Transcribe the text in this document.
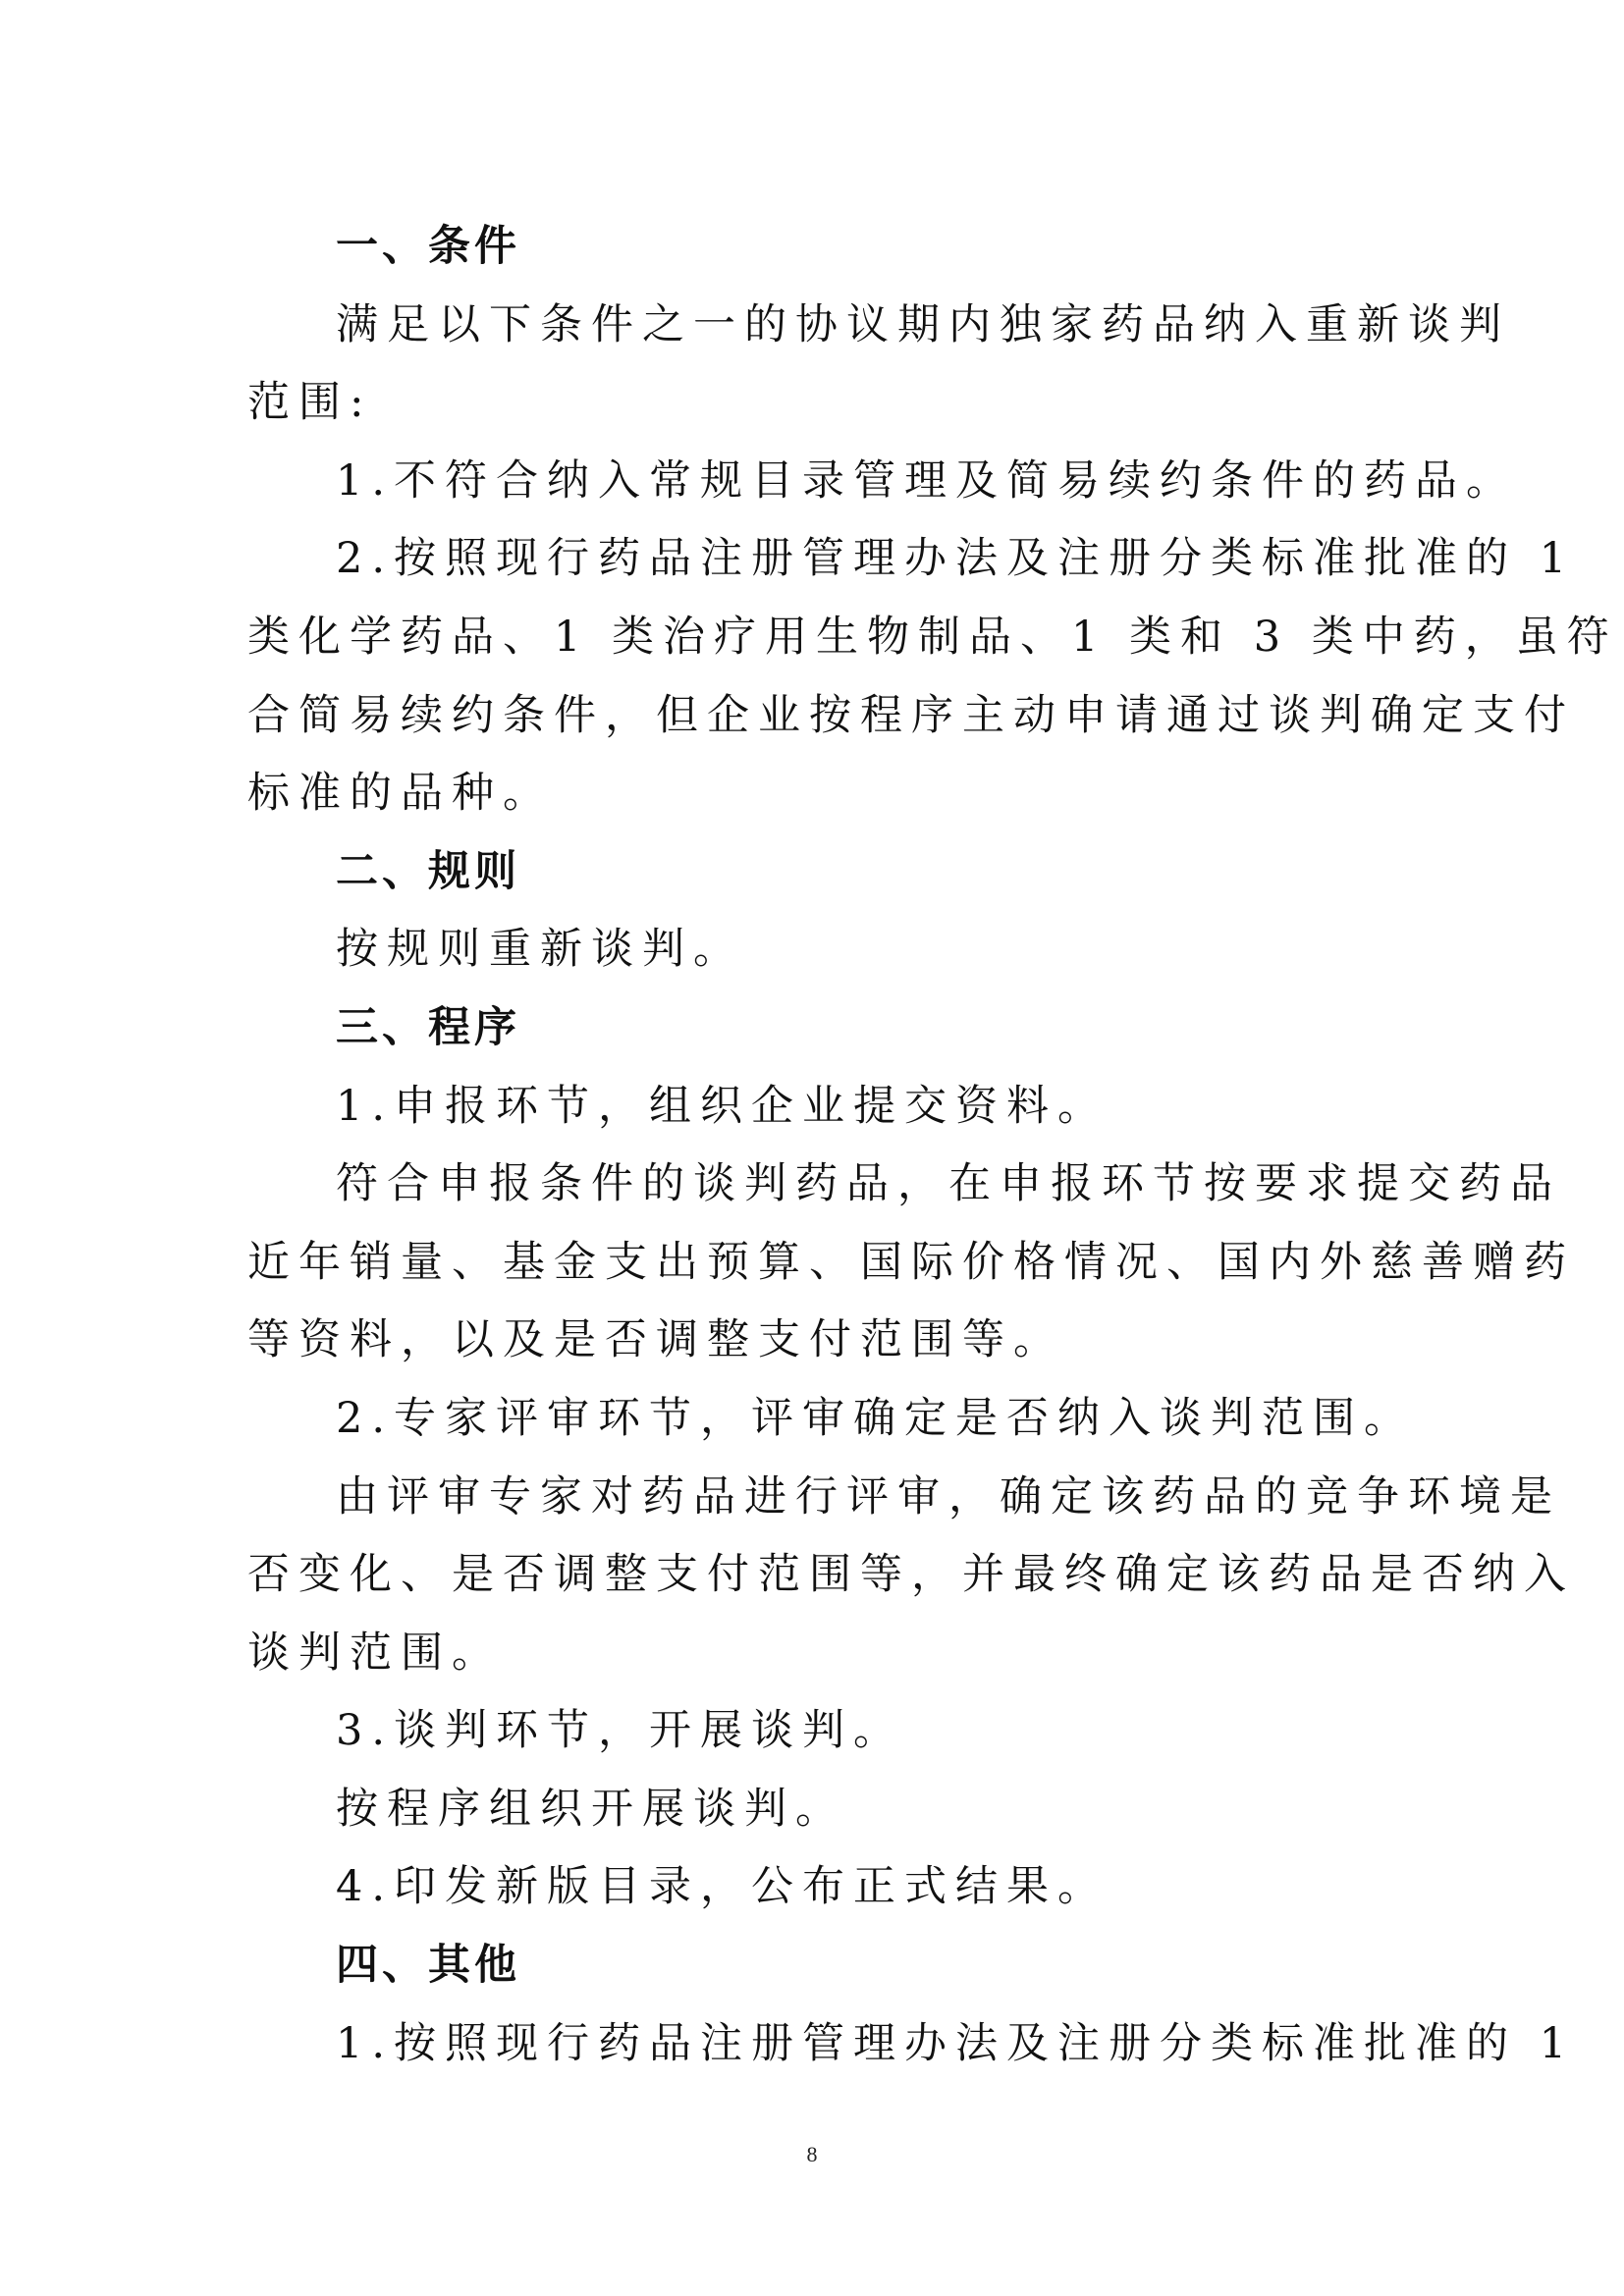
一、条件
满足以下条件之一的协议期内独家药品纳入重新谈判
范围:
1.不符合纳入常规目录管理及简易续约条件的药品。
2.按照现行药品注册管理办法及注册分类标准批准的 1
类化学药品、1 类治疗用生物制品、1 类和 3 类中药，虽符
合简易续约条件，但企业按程序主动申请通过谈判确定支付
标准的品种。
二、规则
按规则重新谈判。
三、程序
1.申报环节，组织企业提交资料。
符合申报条件的谈判药品，在申报环节按要求提交药品
近年销量、基金支出预算、国际价格情况、国内外慈善赠药
等资料，以及是否调整支付范围等。
2.专家评审环节，评审确定是否纳入谈判范围。
由评审专家对药品进行评审，确定该药品的竞争环境是
否变化、是否调整支付范围等，并最终确定该药品是否纳入
谈判范围。
3.谈判环节，开展谈判。
按程序组织开展谈判。
4.印发新版目录，公布正式结果。
四、其他
1.按照现行药品注册管理办法及注册分类标准批准的 1
8
